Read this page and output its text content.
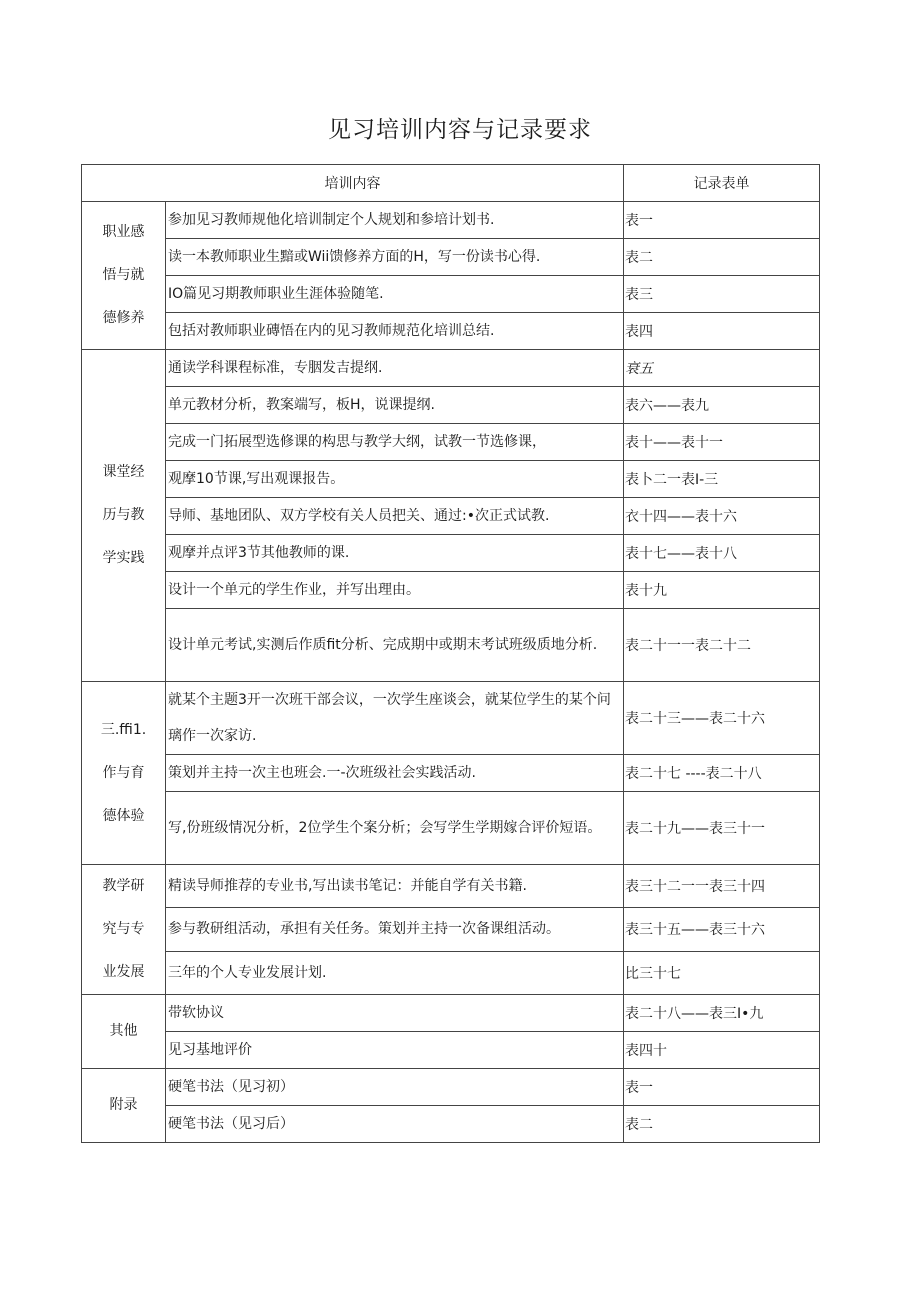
见习培训内容与记录要求
培训内容		记录表单

职业感
悟与就
德修养	参加见习教师规他化培训制定个人规划和参培计划书.	表一
	读一本教师职业生黯或Wii馈修养方面的H，写一份读书心得.	表二
	IO篇见习期教师职业生涯体验随笔.	表三
	包括对教师职业磚悟在内的见习教师规范化培训总结.	表四

课堂经
历与教
学实践	通读学科课程标准，专胭发吉提纲.	衰五
	单元教材分析，教案端写，板H，说课提纲.	表六——表九
	完成一门拓展型选修课的构思与教学大纲，试教一节选修课，	表十——表十一
	观摩10节课,写出观课报告。	表卜二一表I-三
	导师、基地团队、双方学校有关人员把关、通过:•次正式试教.	衣十四——表十六
	观摩并点评3节其他教师的课.	表十七——表十八
	设计一个单元的学生作业，并写出理由。	表十九
	设计单元考试,实测后作质fit分析、完成期中或期末考试班级质地分析.	表二十一一表二十二

三.ffi1.
作与育
德体验	就某个主题3开一次班干部会议，一次学生座谈会，就某位学生的某个问璃作一次家访.	表二十三——表二十六
	策划并主持一次主也班会.一-次班级社会实践活动.	表二十七 ----表二十八
	写,份班级情况分析，2位学生个案分析；会写学生学期嫁合评价短语。	表二十九——表三十一

教学研
究与专
业发展	精读导师推荐的专业书,写出读书笔记：并能自学有关书籍.	表三十二一一表三十四
	参与教研组活动，承担有关任务。策划并主持一次备课组活动。	表三十五——表三十六
	三年的个人专业发展计划.	比三十七

其他	带软协议	表二十八——表三I•九
	见习基地评价	表四十

附录	硬笔书法（见习初）	表一
	硬笔书法（见习后）	表二
